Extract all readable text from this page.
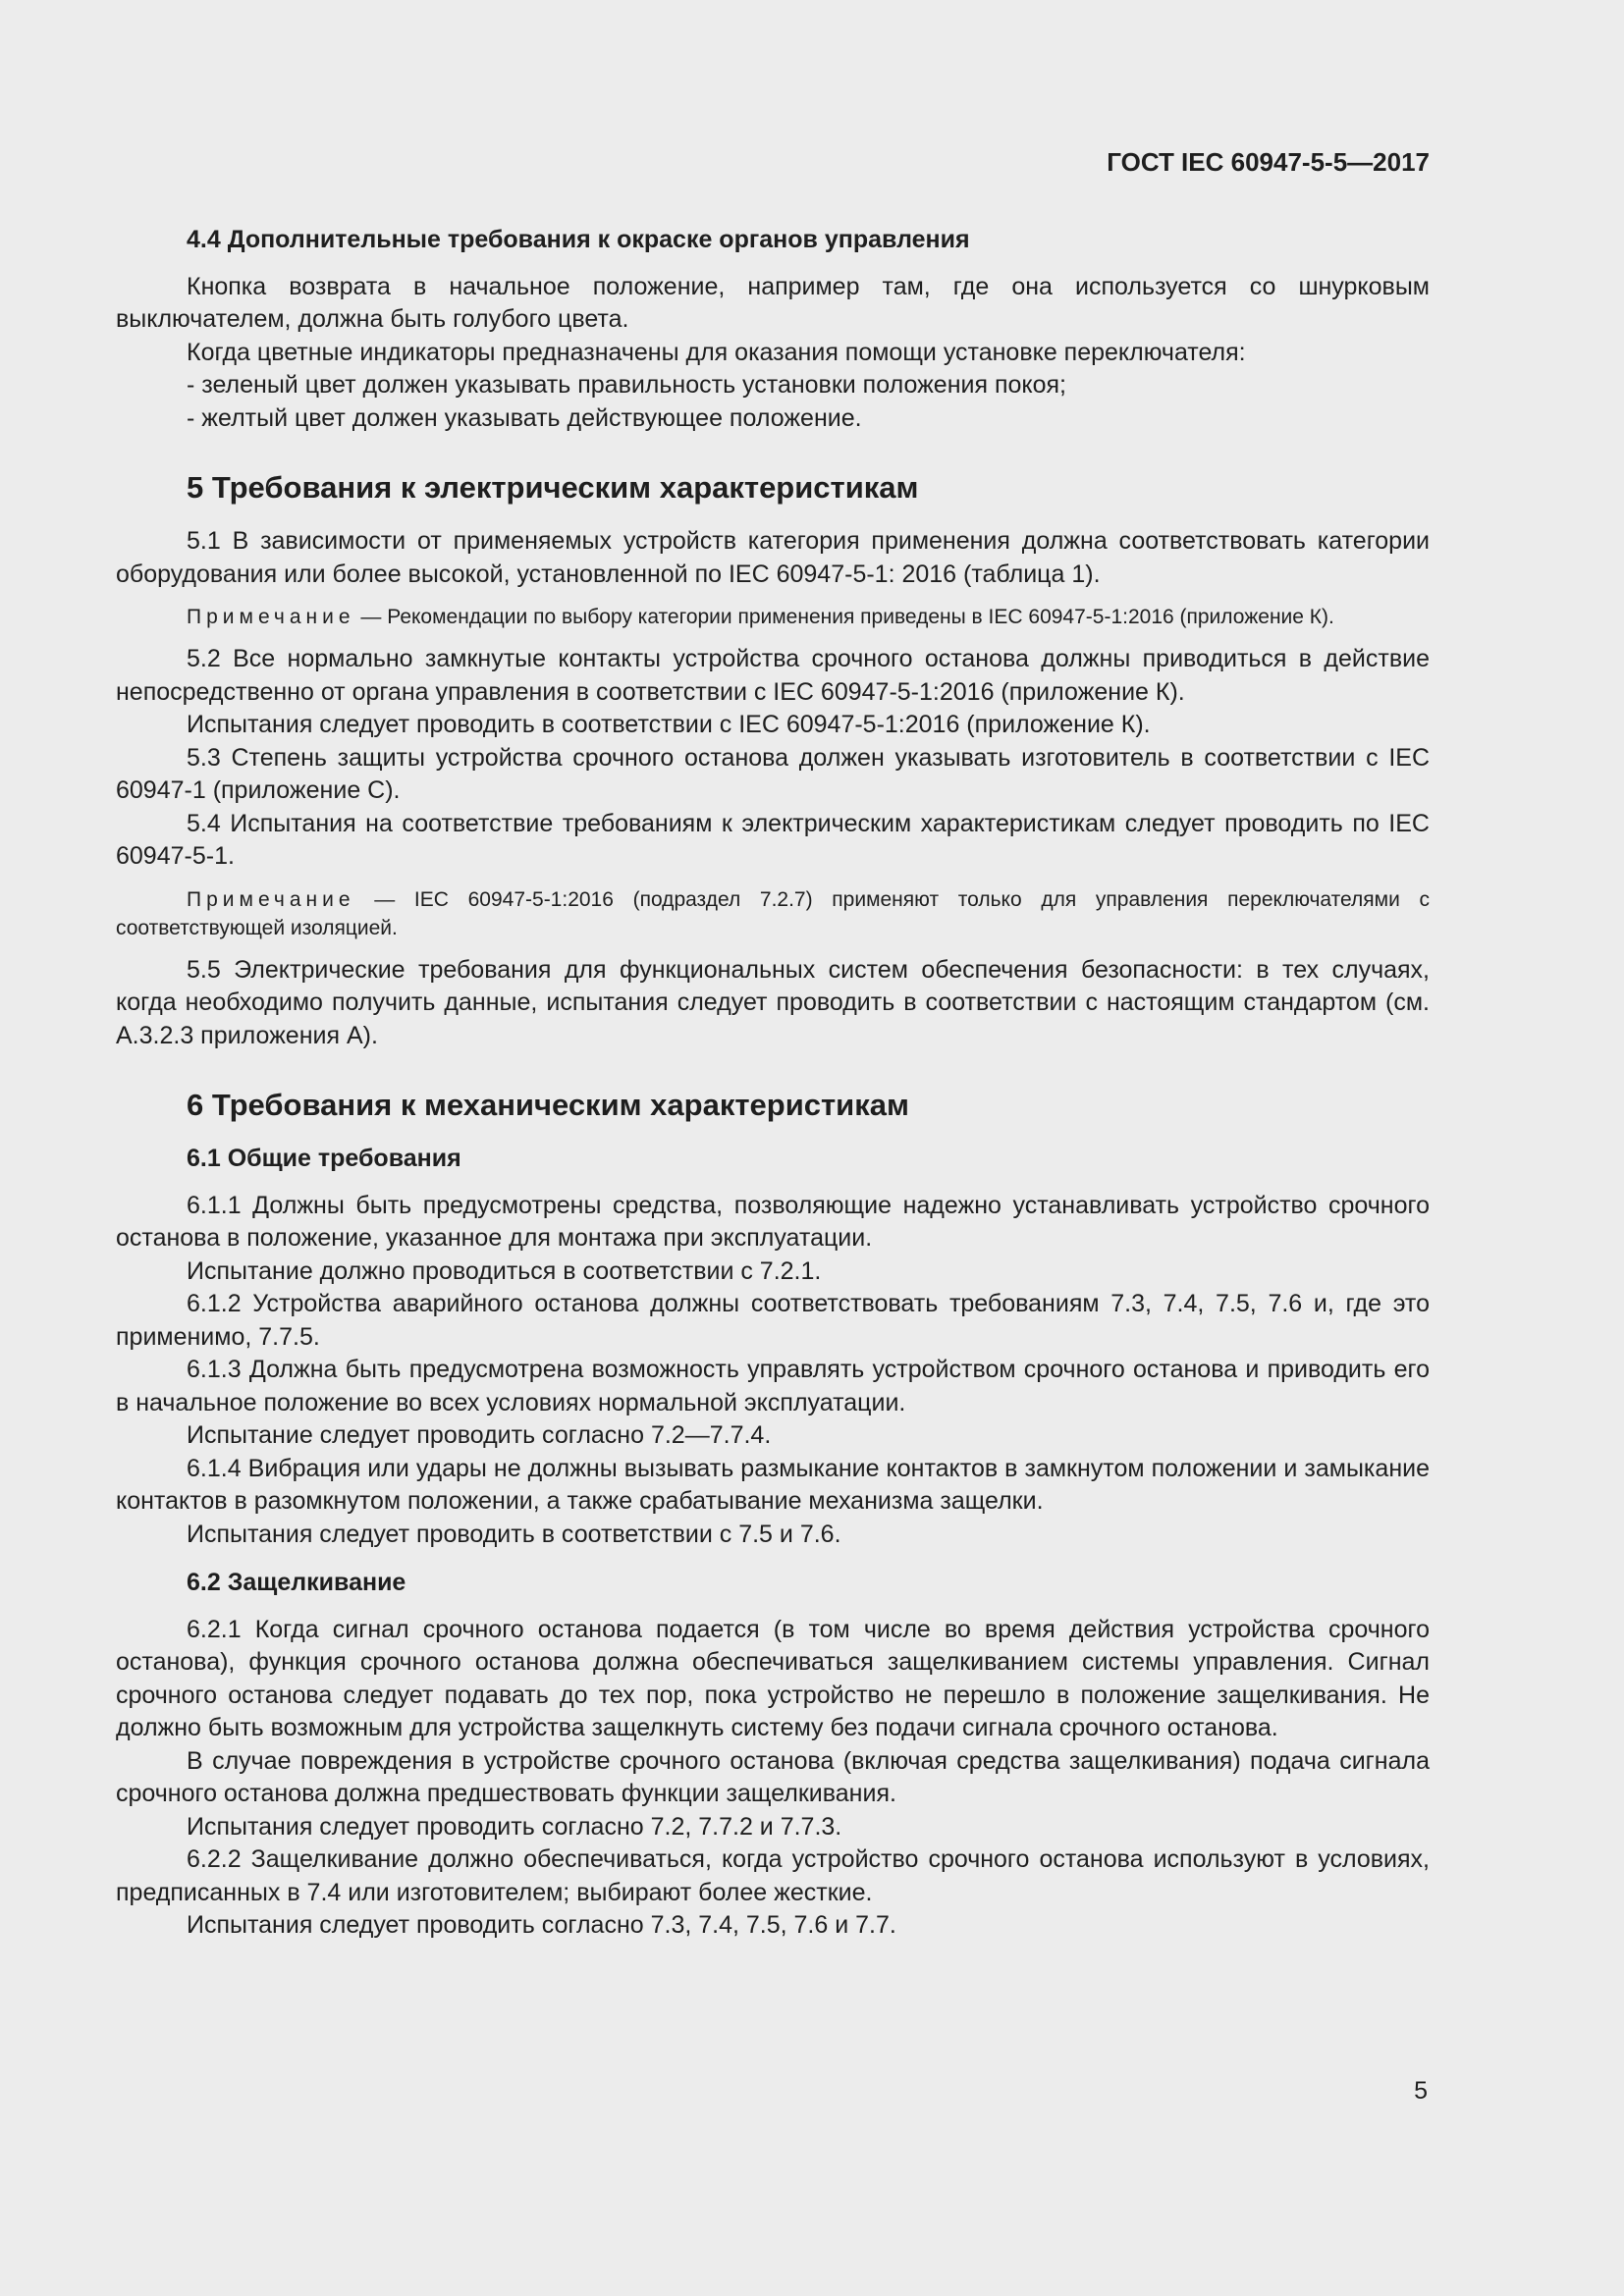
ГОСТ IEC 60947-5-5—2017

4.4 Дополнительные требования к окраске органов управления

Кнопка возврата в начальное положение, например там, где она используется со шнурковым выключателем, должна быть голубого цвета.

Когда цветные индикаторы предназначены для оказания помощи установке переключателя:

- зеленый цвет должен указывать правильность установки положения покоя;

- желтый цвет должен указывать действующее положение.

5 Требования к электрическим характеристикам

5.1 В зависимости от применяемых устройств категория применения должна соответствовать категории оборудования или более высокой, установленной по IEC 60947-5-1: 2016 (таблица 1).

Примечание — Рекомендации по выбору категории применения приведены в IEC 60947-5-1:2016 (приложение К).

5.2 Все нормально замкнутые контакты устройства срочного останова должны приводиться в действие непосредственно от органа управления в соответствии с IEC 60947-5-1:2016 (приложение К).

Испытания следует проводить в соответствии с IEC 60947-5-1:2016 (приложение К).

5.3 Степень защиты устройства срочного останова должен указывать изготовитель в соответствии с IEC 60947-1 (приложение С).

5.4 Испытания на соответствие требованиям к электрическим характеристикам следует проводить по IEC 60947-5-1.

Примечание — IEC 60947-5-1:2016 (подраздел 7.2.7) применяют только для управления переключателями с соответствующей изоляцией.

5.5 Электрические требования для функциональных систем обеспечения безопасности: в тех случаях, когда необходимо получить данные, испытания следует проводить в соответствии с настоящим стандартом (см. А.3.2.3 приложения А).

6 Требования к механическим характеристикам

6.1 Общие требования

6.1.1 Должны быть предусмотрены средства, позволяющие надежно устанавливать устройство срочного останова в положение, указанное для монтажа при эксплуатации.

Испытание должно проводиться в соответствии с 7.2.1.

6.1.2 Устройства аварийного останова должны соответствовать требованиям 7.3, 7.4, 7.5, 7.6 и, где это применимо, 7.7.5.

6.1.3 Должна быть предусмотрена возможность управлять устройством срочного останова и приводить его в начальное положение во всех условиях нормальной эксплуатации.

Испытание следует проводить согласно 7.2—7.7.4.

6.1.4 Вибрация или удары не должны вызывать размыкание контактов в замкнутом положении и замыкание контактов в разомкнутом положении, а также срабатывание механизма защелки.

Испытания следует проводить в соответствии с 7.5 и 7.6.

6.2 Защелкивание

6.2.1 Когда сигнал срочного останова подается (в том числе во время действия устройства срочного останова), функция срочного останова должна обеспечиваться защелкиванием системы управления. Сигнал срочного останова следует подавать до тех пор, пока устройство не перешло в положение защелкивания. Не должно быть возможным для устройства защелкнуть систему без подачи сигнала срочного останова.

В случае повреждения в устройстве срочного останова (включая средства защелкивания) подача сигнала срочного останова должна предшествовать функции защелкивания.

Испытания следует проводить согласно 7.2, 7.7.2 и 7.7.3.

6.2.2 Защелкивание должно обеспечиваться, когда устройство срочного останова используют в условиях, предписанных в 7.4 или изготовителем; выбирают более жесткие.

Испытания следует проводить согласно 7.3, 7.4, 7.5, 7.6 и 7.7.

5
